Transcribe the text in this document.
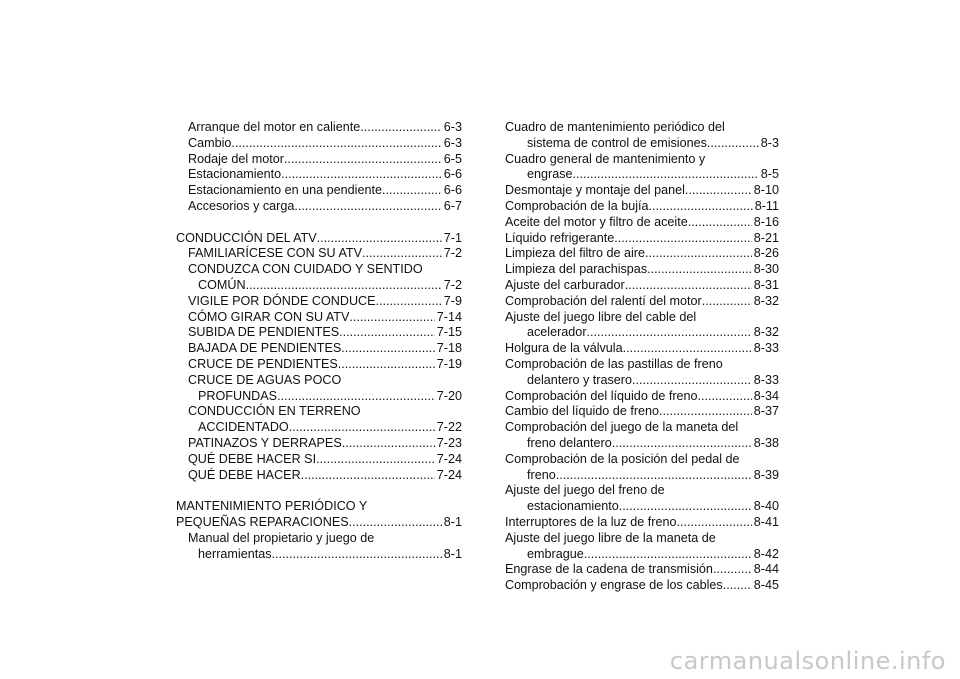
Arranque del motor en caliente .....	6-3
Cambio .....	6-3
Rodaje del motor .....	6-5
Estacionamiento .....	6-6
Estacionamiento en una pendiente .....	6-6
Accesorios y carga .....	6-7
CONDUCCIÓN DEL ATV .....	7-1
FAMILIARÍCESE CON SU ATV .....	7-2
CONDUZCA CON CUIDADO Y SENTIDO
COMÚN .....	7-2
VIGILE POR DÓNDE CONDUCE .....	7-9
CÓMO GIRAR CON SU ATV .....	7-14
SUBIDA DE PENDIENTES .....	7-15
BAJADA DE PENDIENTES .....	7-18
CRUCE DE PENDIENTES .....	7-19
CRUCE DE AGUAS POCO
PROFUNDAS .....	7-20
CONDUCCIÓN EN TERRENO
ACCIDENTADO .....	7-22
PATINAZOS Y DERRAPES .....	7-23
QUÉ DEBE HACER SI .....	7-24
QUÉ DEBE HACER... .....	7-24
MANTENIMIENTO PERIÓDICO Y
PEQUEÑAS REPARACIONES .....	8-1
Manual del propietario y juego de
herramientas .....	8-1
Cuadro de mantenimiento periódico del
sistema de control de emisiones .....	8-3
Cuadro general de mantenimiento y
engrase .....	8-5
Desmontaje y montaje del panel .....	8-10
Comprobación de la bujía .....	8-11
Aceite del motor y filtro de aceite .....	8-16
Líquido refrigerante .....	8-21
Limpieza del filtro de aire .....	8-26
Limpieza del parachispas .....	8-30
Ajuste del carburador .....	8-31
Comprobación del ralentí del motor .....	8-32
Ajuste del juego libre del cable del
acelerador .....	8-32
Holgura de la válvula .....	8-33
Comprobación de las pastillas de freno
delantero y trasero .....	8-33
Comprobación del líquido de freno .....	8-34
Cambio del líquido de freno .....	8-37
Comprobación del juego de la maneta del
freno delantero .....	8-38
Comprobación de la posición del pedal de
freno .....	8-39
Ajuste del juego del freno de
estacionamiento .....	8-40
Interruptores de la luz de freno .....	8-41
Ajuste del juego libre de la maneta de
embrague .....	8-42
Engrase de la cadena de transmisión .....	8-44
Comprobación y engrase de los cables ..... 8-45
carmanualsonline.info
